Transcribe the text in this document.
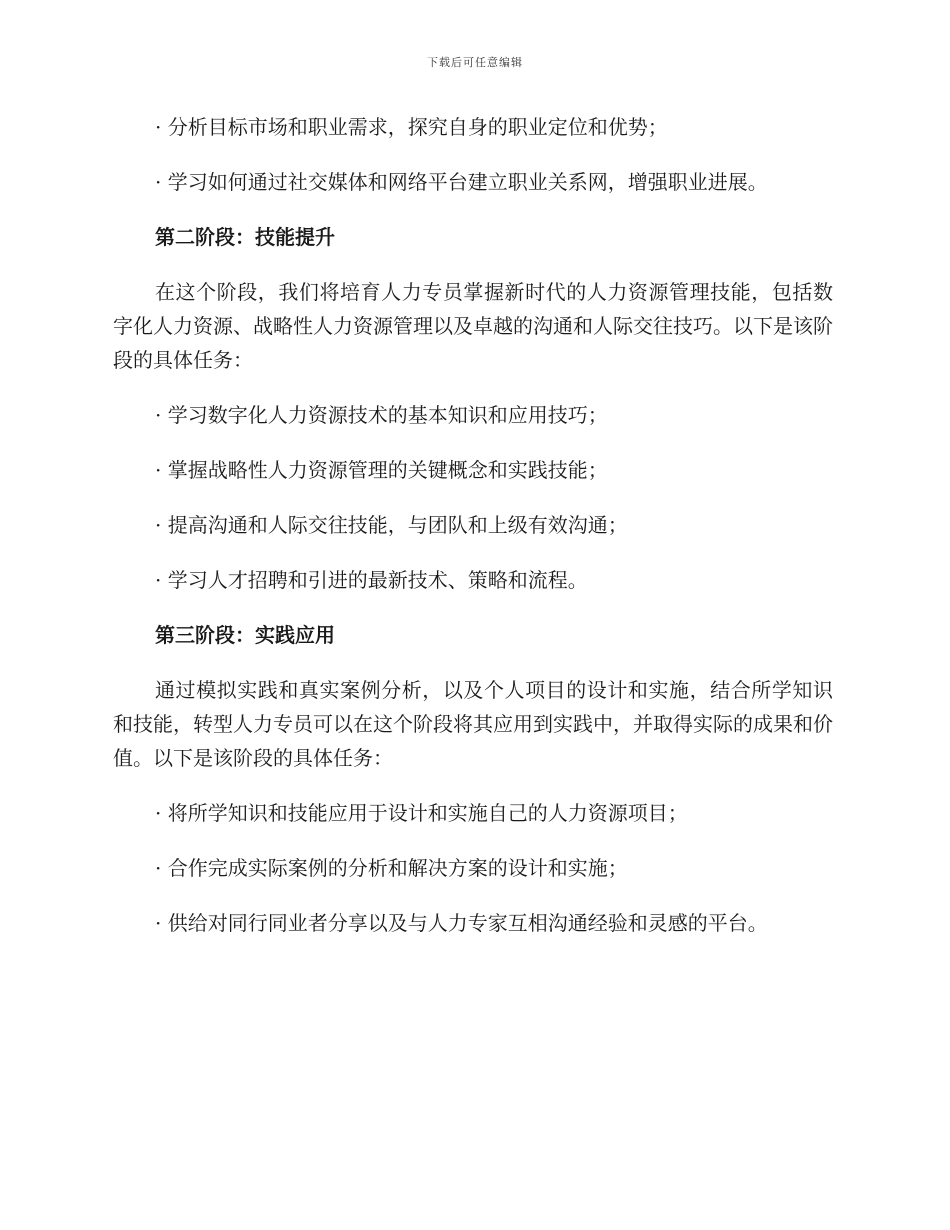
下载后可任意编辑

· 分析目标市场和职业需求，探究自身的职业定位和优势；

· 学习如何通过社交媒体和网络平台建立职业关系网，增强职业进展。

第二阶段：技能提升

在这个阶段，我们将培育人力专员掌握新时代的人力资源管理技能，包括数字化人力资源、战略性人力资源管理以及卓越的沟通和人际交往技巧。以下是该阶段的具体任务：

· 学习数字化人力资源技术的基本知识和应用技巧；

· 掌握战略性人力资源管理的关键概念和实践技能；

· 提高沟通和人际交往技能，与团队和上级有效沟通；

· 学习人才招聘和引进的最新技术、策略和流程。

第三阶段：实践应用

通过模拟实践和真实案例分析，以及个人项目的设计和实施，结合所学知识和技能，转型人力专员可以在这个阶段将其应用到实践中，并取得实际的成果和价值。以下是该阶段的具体任务：

· 将所学知识和技能应用于设计和实施自己的人力资源项目；

· 合作完成实际案例的分析和解决方案的设计和实施；

· 供给对同行同业者分享以及与人力专家互相沟通经验和灵感的平台。
